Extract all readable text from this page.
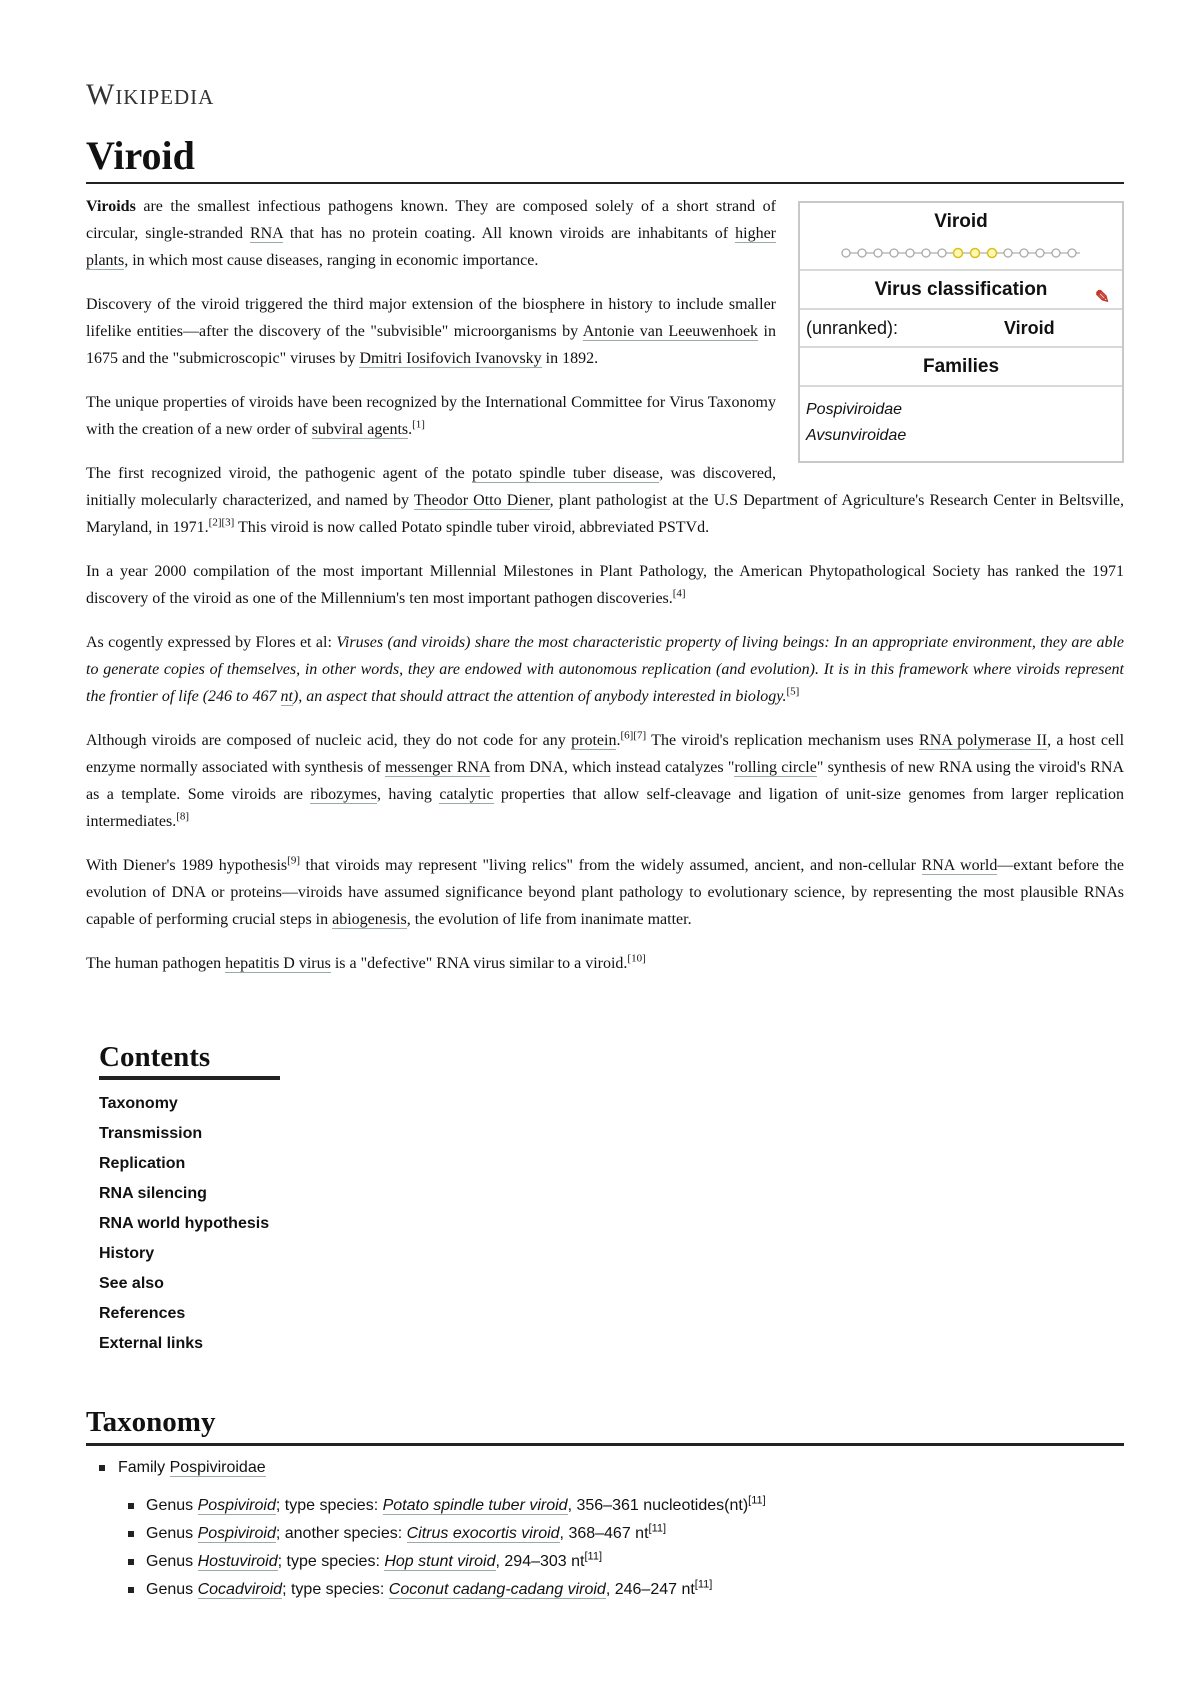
Wikipedia
Viroid
Viroid
Virus classification	✎
(unranked):	Viroid
Families
Pospiviroidae
Avsunviroidae

Viroids are the smallest infectious pathogens known. They are composed solely of a short strand of circular, single-stranded RNA that has no protein coating. All known viroids are inhabitants of higher plants, in which most cause diseases, ranging in economic importance.

Discovery of the viroid triggered the third major extension of the biosphere in history to include smaller lifelike entities—after the discovery of the "subvisible" microorganisms by Antonie van Leeuwenhoek in 1675 and the "submicroscopic" viruses by Dmitri Iosifovich Ivanovsky in 1892.

The unique properties of viroids have been recognized by the International Committee for Virus Taxonomy with the creation of a new order of subviral agents.[1]

The first recognized viroid, the pathogenic agent of the potato spindle tuber disease, was discovered, initially molecularly characterized, and named by Theodor Otto Diener, plant pathologist at the U.S Department of Agriculture's Research Center in Beltsville, Maryland, in 1971.[2][3] This viroid is now called Potato spindle tuber viroid, abbreviated PSTVd.

In a year 2000 compilation of the most important Millennial Milestones in Plant Pathology, the American Phytopathological Society has ranked the 1971 discovery of the viroid as one of the Millennium's ten most important pathogen discoveries.[4]

As cogently expressed by Flores et al: Viruses (and viroids) share the most characteristic property of living beings: In an appropriate environment, they are able to generate copies of themselves, in other words, they are endowed with autonomous replication (and evolution). It is in this framework where viroids represent the frontier of life (246 to 467 nt), an aspect that should attract the attention of anybody interested in biology.[5]

Although viroids are composed of nucleic acid, they do not code for any protein.[6][7] The viroid's replication mechanism uses RNA polymerase II, a host cell enzyme normally associated with synthesis of messenger RNA from DNA, which instead catalyzes "rolling circle" synthesis of new RNA using the viroid's RNA as a template. Some viroids are ribozymes, having catalytic properties that allow self-cleavage and ligation of unit-size genomes from larger replication intermediates.[8]

With Diener's 1989 hypothesis[9] that viroids may represent "living relics" from the widely assumed, ancient, and non-cellular RNA world—extant before the evolution of DNA or proteins—viroids have assumed significance beyond plant pathology to evolutionary science, by representing the most plausible RNAs capable of performing crucial steps in abiogenesis, the evolution of life from inanimate matter.

The human pathogen hepatitis D virus is a "defective" RNA virus similar to a viroid.[10]

Contents
Taxonomy
Transmission
Replication
RNA silencing
RNA world hypothesis
History
See also
References
External links
Taxonomy
Family Pospiviroidae
Genus Pospiviroid; type species: Potato spindle tuber viroid, 356–361 nucleotides(nt)[11]
Genus Pospiviroid; another species: Citrus exocortis viroid, 368–467 nt[11]
Genus Hostuviroid; type species: Hop stunt viroid, 294–303 nt[11]
Genus Cocadviroid; type species: Coconut cadang-cadang viroid, 246–247 nt[11]
